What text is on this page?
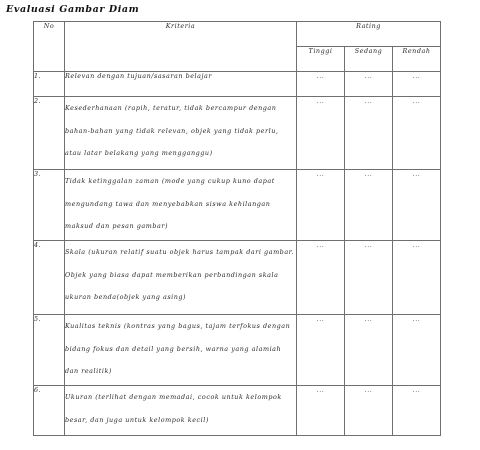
Evaluasi Gambar Diam
No	Kriteria	Rating		
		Tinggi	Sedang	Rendah
1.	Relevan dengan tujuan/sasaran belajar	...	...	...
2.	Kesederhanaan (rapih, teratur, tidak bercampur dengan bahan-bahan yang tidak relevan, objek yang tidak perlu, atau latar belakang yang mengganggu)	...	...	...
3.	Tidak ketinggalan zaman (mode yang cukup kuno dapat mengundang tawa dan menyebabkan siswa kehilangan maksud dan pesan gambar)	...	...	...
4.	Skala (ukuran relatif suatu objek harus tampak dari gambar. Objek yang biasa dapat memberikan perbandingan skala ukuran benda(objek yang asing)	...	...	...
5.	Kualitas teknis (kontras yang bagus, tajam terfokus dengan bidang fokus dan detail yang bersih, warna yang alamiah dan realitik)	...	...	...
6.	Ukuran (terlihat dengan memadai, cocok untuk kelompok besar, dan juga untuk kelompok kecil)	...	...	...
